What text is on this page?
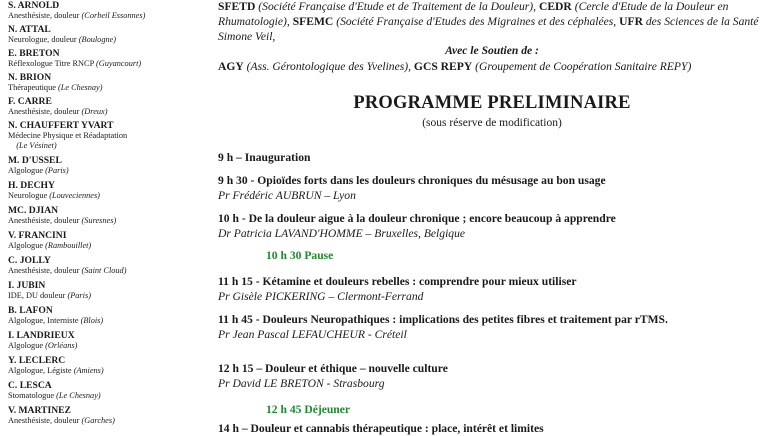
S. ARNOLD
Anesthésiste, douleur (Corbeil Essonnes)
N. ATTAL
Neurologue, douleur (Boulogne)
E. BRETON
Réflexologue Titre RNCP (Guyancourt)
N. BRION
Thérapeutique (Le Chesnay)
F. CARRE
Anesthésiste, douleur (Dreux)
N. CHAUFFERT YVART
Médecine Physique et Réadaptation
(Le Vésinet)
M. D'USSEL
Algologue (Paris)
H. DECHY
Neurologue (Louveciennes)
MC. DJIAN
Anesthésiste, douleur (Suresnes)
V. FRANCINI
Algologue (Rambouillet)
C. JOLLY
Anesthésiste, douleur (Saint Cloud)
I. JUBIN
IDE, DU douleur (Paris)
B. LAFON
Algologue, Interniste (Blois)
I. LANDRIEUX
Algologue (Orléans)
Y. LECLERC
Algologue, Légiste (Amiens)
C. LESCA
Stomatologue (Le Chesnay)
V. MARTINEZ
Anesthésiste, douleur (Garches)
SFETD (Société Française d'Etude et de Traitement de la Douleur), CEDR (Cercle d'Etude de la Douleur en Rhumatologie), SFEMC (Société Française d'Etudes des Migraines et des céphalées, UFR des Sciences de la Santé Simone Veil,
Avec le Soutien de :
AGY (Ass. Gérontologique des Yvelines), GCS REPY (Groupement de Coopération Sanitaire REPY)
PROGRAMME PRELIMINAIRE
(sous réserve de modification)
9 h – Inauguration
9 h 30 - Opioïdes forts dans les douleurs chroniques du mésusage au bon usage
Pr Frédéric AUBRUN – Lyon
10 h - De la douleur aigue à la douleur chronique ; encore beaucoup à apprendre
Dr Patricia LAVAND'HOMME – Bruxelles, Belgique
10 h 30 Pause
11 h 15 - Kétamine et douleurs rebelles : comprendre pour mieux utiliser
Pr Gisèle PICKERING – Clermont-Ferrand
11 h 45 - Douleurs Neuropathiques : implications des petites fibres et traitement par rTMS.
Pr Jean Pascal LEFAUCHEUR - Créteil
12 h 15 – Douleur et éthique – nouvelle culture
Pr David LE BRETON - Strasbourg
12 h 45 Déjeuner
14 h – Douleur et cannabis thérapeutique : place, intérêt et limites
